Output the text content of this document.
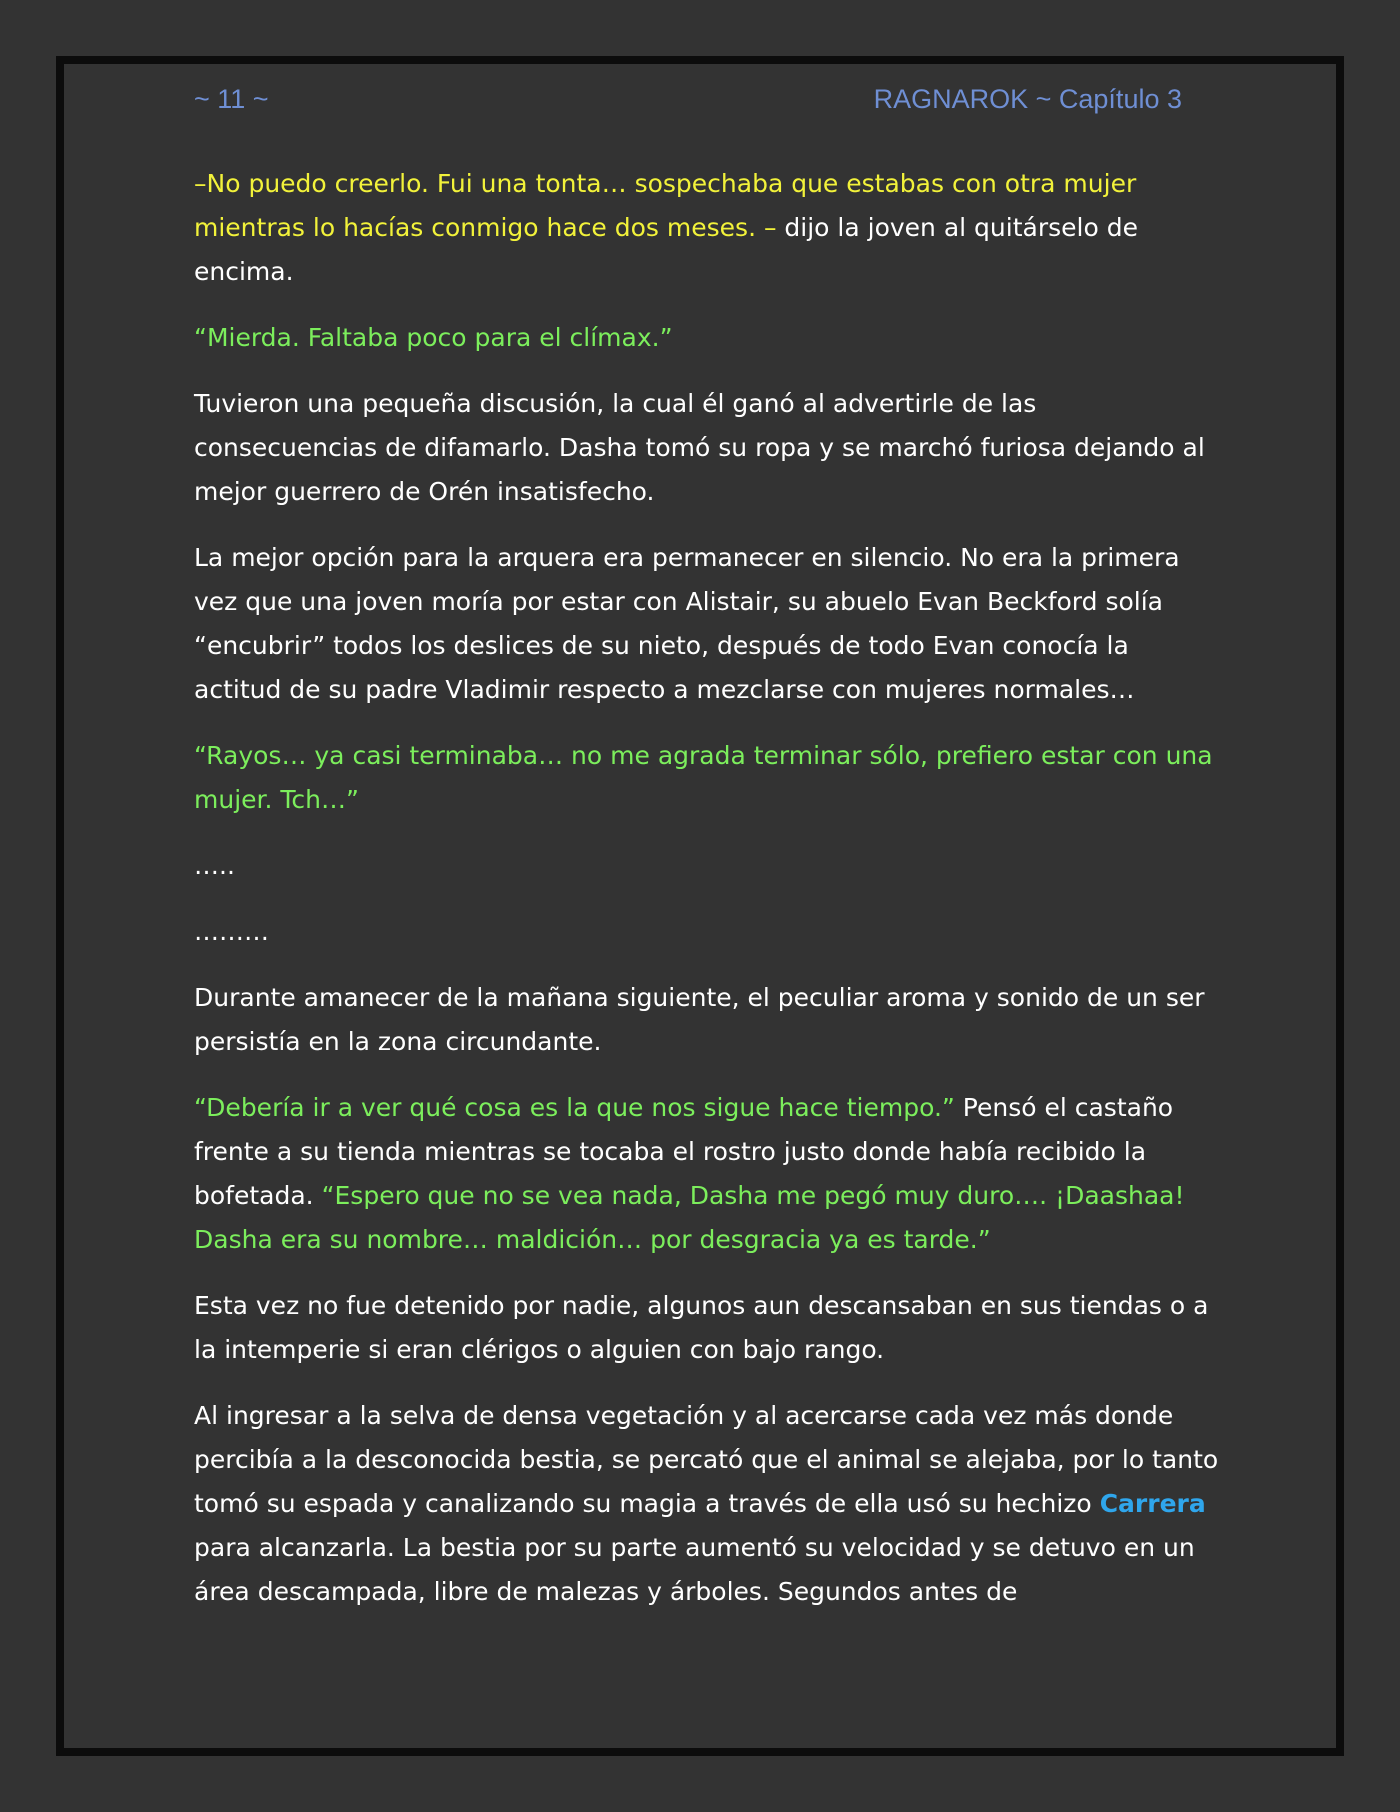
~ 11 ~	RAGNAROK ~ Capítulo 3

–No puedo creerlo. Fui una tonta… sospechaba que estabas con otra mujer mientras lo hacías conmigo hace dos meses. – dijo la joven al quitárselo de encima.

“Mierda. Faltaba poco para el clímax.”

Tuvieron una pequeña discusión, la cual él ganó al advertirle de las consecuencias de difamarlo. Dasha tomó su ropa y se marchó furiosa dejando al mejor guerrero de Orén insatisfecho.

La mejor opción para la arquera era permanecer en silencio. No era la primera vez que una joven moría por estar con Alistair, su abuelo Evan Beckford solía “encubrir” todos los deslices de su nieto, después de todo Evan conocía la actitud de su padre Vladimir respecto a mezclarse con mujeres normales…

“Rayos… ya casi terminaba… no me agrada terminar sólo, prefiero estar con una mujer. Tch…”

…..

………

Durante amanecer de la mañana siguiente, el peculiar aroma y sonido de un ser persistía en la zona circundante.

“Debería ir a ver qué cosa es la que nos sigue hace tiempo.” Pensó el castaño frente a su tienda mientras se tocaba el rostro justo donde había recibido la bofetada. “Espero que no se vea nada, Dasha me pegó muy duro…. ¡Daashaa! Dasha era su nombre… maldición… por desgracia ya es tarde.”

Esta vez no fue detenido por nadie, algunos aun descansaban en sus tiendas o a la intemperie si eran clérigos o alguien con bajo rango.

Al ingresar a la selva de densa vegetación y al acercarse cada vez más donde percibía a la desconocida bestia, se percató que el animal se alejaba, por lo tanto tomó su espada y canalizando su magia a través de ella usó su hechizo Carrera para alcanzarla. La bestia por su parte aumentó su velocidad y se detuvo en un área descampada, libre de malezas y árboles. Segundos antes de
